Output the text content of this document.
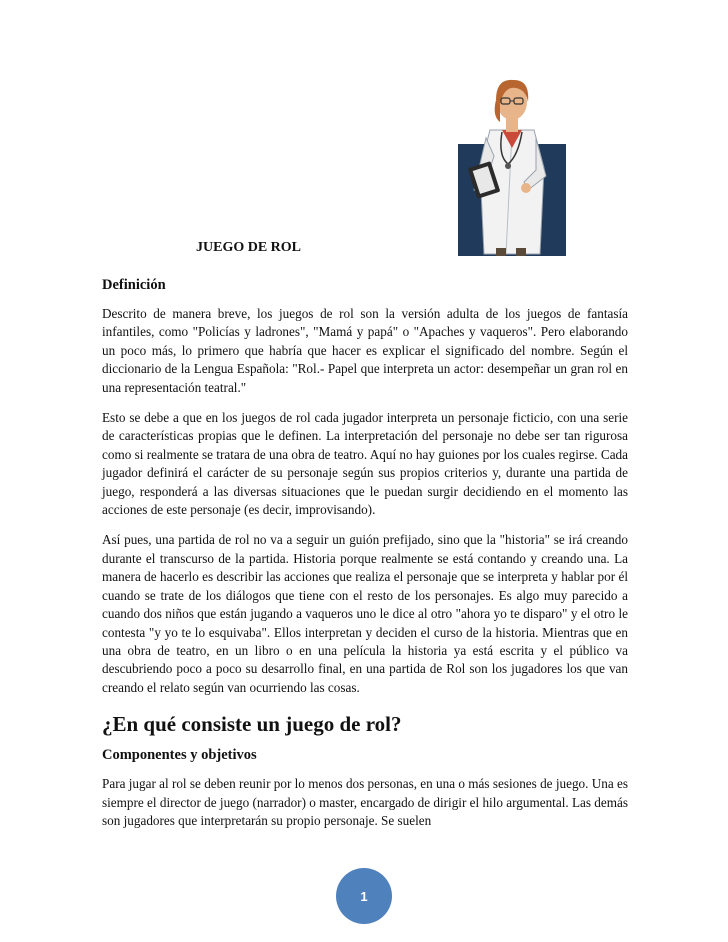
JUEGO DE ROL
Definición

Descrito de manera breve, los juegos de rol son la versión adulta de los juegos de fantasía infantiles, como "Policías y ladrones", "Mamá y papá" o "Apaches y vaqueros". Pero elaborando un poco más, lo primero que habría que hacer es explicar el significado del nombre. Según el diccionario de la Lengua Española: "Rol.- Papel que interpreta un actor: desempeñar un gran rol en una representación teatral."

Esto se debe a que en los juegos de rol cada jugador interpreta un personaje ficticio, con una serie de características propias que le definen. La interpretación del personaje no debe ser tan rigurosa como si realmente se tratara de una obra de teatro. Aquí no hay guiones por los cuales regirse. Cada jugador definirá el carácter de su personaje según sus propios criterios y, durante una partida de juego, responderá a las diversas situaciones que le puedan surgir decidiendo en el momento las acciones de este personaje (es decir, improvisando).

Así pues, una partida de rol no va a seguir un guión prefijado, sino que la "historia" se irá creando durante el transcurso de la partida. Historia porque realmente se está contando y creando una. La manera de hacerlo es describir las acciones que realiza el personaje que se interpreta y hablar por él cuando se trate de los diálogos que tiene con el resto de los personajes. Es algo muy parecido a cuando dos niños que están jugando a vaqueros uno le dice al otro "ahora yo te disparo" y el otro le contesta "y yo te lo esquivaba". Ellos interpretan y deciden el curso de la historia. Mientras que en una obra de teatro, en un libro o en una película la historia ya está escrita y el público va descubriendo poco a poco su desarrollo final, en una partida de Rol son los jugadores los que van creando el relato según van ocurriendo las cosas.

¿En qué consiste un juego de rol?
Componentes y objetivos

Para jugar al rol se deben reunir por lo menos dos personas, en una o más sesiones de juego. Una es siempre el director de juego (narrador) o master, encargado de dirigir el hilo argumental. Las demás son jugadores que interpretarán su propio personaje. Se suelen

1
